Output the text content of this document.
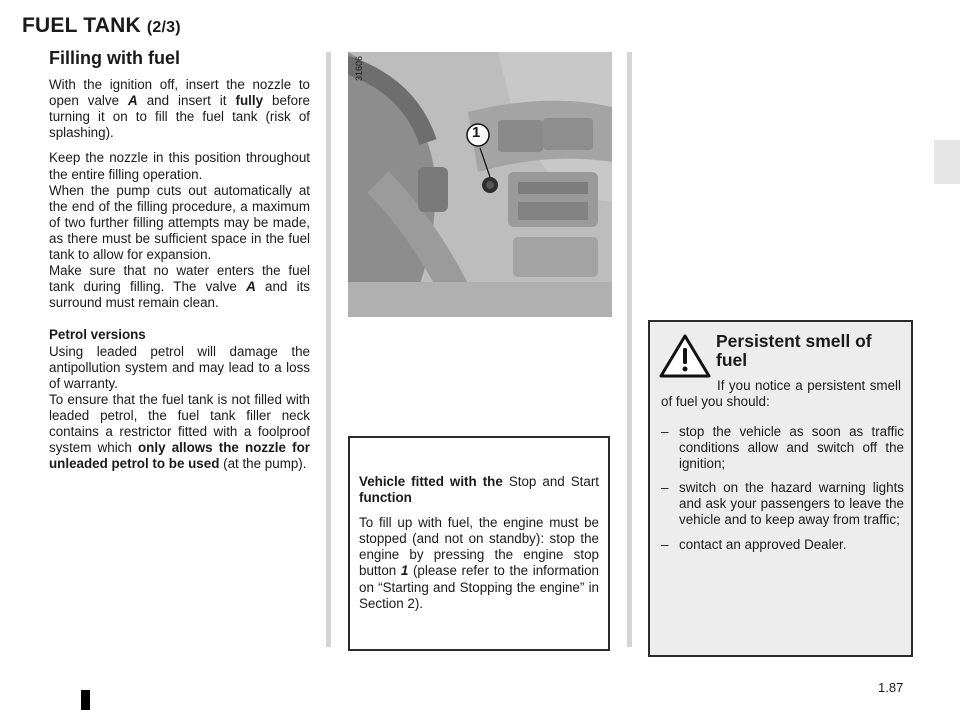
FUEL TANK (2/3)
Filling with fuel

With the ignition off, insert the nozzle to open valve A and insert it fully before turning it on to fill the fuel tank (risk of splashing).

Keep the nozzle in this position throughout the entire filling operation.

When the pump cuts out automatically at the end of the filling procedure, a maximum of two further filling attempts may be made, as there must be sufficient space in the fuel tank to allow for expansion.

Make sure that no water enters the fuel tank during filling. The valve A and its surround must remain clean.

Petrol versions

Using leaded petrol will damage the antipollution system and may lead to a loss of warranty.

To ensure that the fuel tank is not filled with leaded petrol, the fuel tank filler neck contains a restrictor fitted with a foolproof system which only allows the nozzle for unleaded petrol to be used (at the pump).

31606
1

Vehicle fitted with the Stop and Start function

To fill up with fuel, the engine must be stopped (and not on standby): stop the engine by pressing the engine stop button 1 (please refer to the information on “Starting and Stopping the engine” in Section 2).

Persistent smell of fuel

If you notice a persistent smell of fuel you should:

– stop the vehicle as soon as traffic conditions allow and switch off the ignition;
– switch on the hazard warning lights and ask your passengers to leave the vehicle and to keep away from traffic;
– contact an approved Dealer.
1.87
